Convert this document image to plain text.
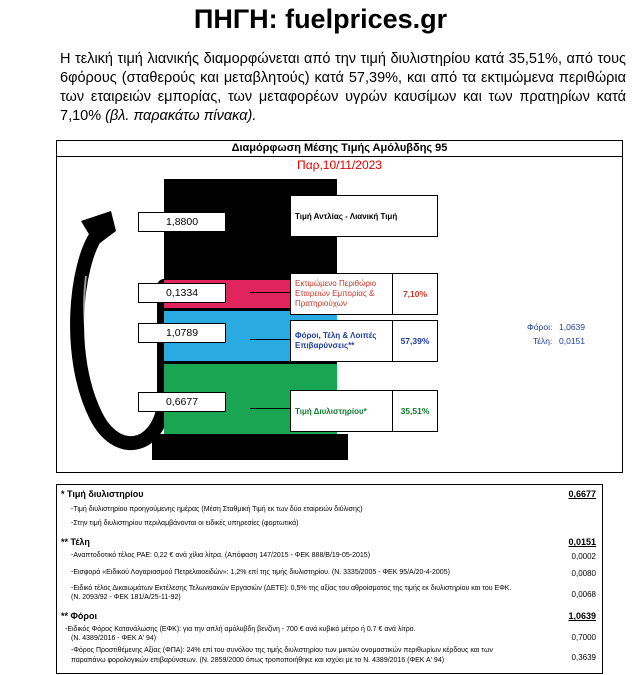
ΠΗΓΗ: fuelprices.gr
Η τελική τιμή λιανικής διαμορφώνεται από την τιμή διυλιστηρίου κατά 35,51%, από τους 6φόρους (σταθερούς και μεταβλητούς) κατά 57,39%, και από τα εκτιμώμενα περιθώρια των εταιρειών εμπορίας, των μεταφορέων υγρών καυσίμων και των πρατηρίων κατά 7,10% (βλ. παρακάτω πίνακα).
Διαμόρφωση Μέσης Τιμής Αμόλυβδης 95
Παρ,10/11/2023
1,8800
0,1334
1,0789
0,6677
Τιμή Αντλίας - Λιανική Τιμή
Εκτιμώμενο Περιθώριο Εταιρειών Εμπορίας & Πρατηριούχων
7,10%
Φόροι, Τέλη & Λοιπές Επιβαρύνσεις**	57,39%
Τιμή Διυλιστηρίου*	35,51%
Φόροι: 1,0639
Τέλη: 0,0151
* Τιμή διυλιστηρίου	0,6677
-Τιμή διυλιστηρίου προηγούμενης ημέρας (Μέση Σταθμική Τιμή εκ των δύο εταιρειών διύλισης)
-Στην τιμή διυλιστηρίου περιλαμβάνονται οι ειδικές υπηρεσίες (φορτωτικά)
** Τέλη	0,0151
-Αναπτοδοτικό τέλος ΡΑΕ: 0,22 € ανά χίλια λίτρα. (Απόφαση 147/2015 - ΦΕΚ 888/Β/19-05-2015)	0,0002
-Εισφορά «Ειδικού Λογαριασμού Πετρελαιοειδών»: 1,2% επί της τιμής διυλιστηρίου. (Ν. 3335/2005 - ΦΕΚ 95/Α/20-4-2005)	0,0080
-Ειδικό τέλος Δικαιωμάτων Εκτέλεσης Τελωνειακών Εργασιών (ΔΕΤΕ): 0,5% της αξίας του αθροίσματος της τιμής εκ διυλιστηρίου και του ΕΦΚ.
(Ν. 2093/92 - ΦΕΚ 181/Α/25-11-92)	0,0068
** Φόροι	1,0639
-Ειδικός Φόρος Κατανάλωσης (ΕΦΚ): για την απλή αμόλυβδη βενζίνη - 700 € ανά κυβικό μέτρο ή 0.7 € ανά λίτρο.
(Ν. 4389/2016 - ΦΕΚ Α' 94)	0,7000
-Φόρος Προστιθέμενης Αξίας (ΦΠΑ): 24% επί του συνόλου της τιμής διυλιστηρίου των μικτών ονομαστικών περιθωρίων κέρδους και των
παραπάνω φορολογικών επιβαρύνσεων. (Ν. 2859/2000 όπως τροποποιήθηκε και ισχύει με το Ν. 4389/2016 (ΦΕΚ Α' 94)	0,3639
